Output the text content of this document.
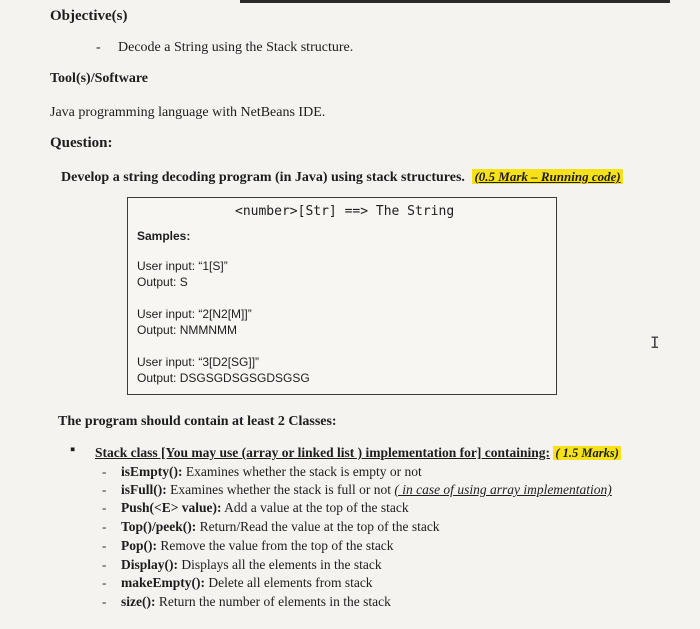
Objective(s)
- Decode a String using the Stack structure.
Tool(s)/Software
Java programming language with NetBeans IDE.
Question:
Develop a string decoding program (in Java) using stack structures. (0.5 Mark – Running code)
<number>[Str] ==> The String
Samples:
User input: “1[S]”
Output: S
User input: “2[N2[M]]”
Output: NMMNMM
User input: “3[D2[SG]]”
Output: DSGSGDSGSGDSGSG
I
The program should contain at least 2 Classes:
▪ Stack class [You may use (array or linked list ) implementation for] containing: ( 1.5 Marks)
- isEmpty(): Examines whether the stack is empty or not
- isFull(): Examines whether the stack is full or not ( in case of using array implementation)
- Push(<E> value): Add a value at the top of the stack
- Top()/peek(): Return/Read the value at the top of the stack
- Pop(): Remove the value from the top of the stack
- Display(): Displays all the elements in the stack
- makeEmpty(): Delete all elements from stack
- size(): Return the number of elements in the stack
